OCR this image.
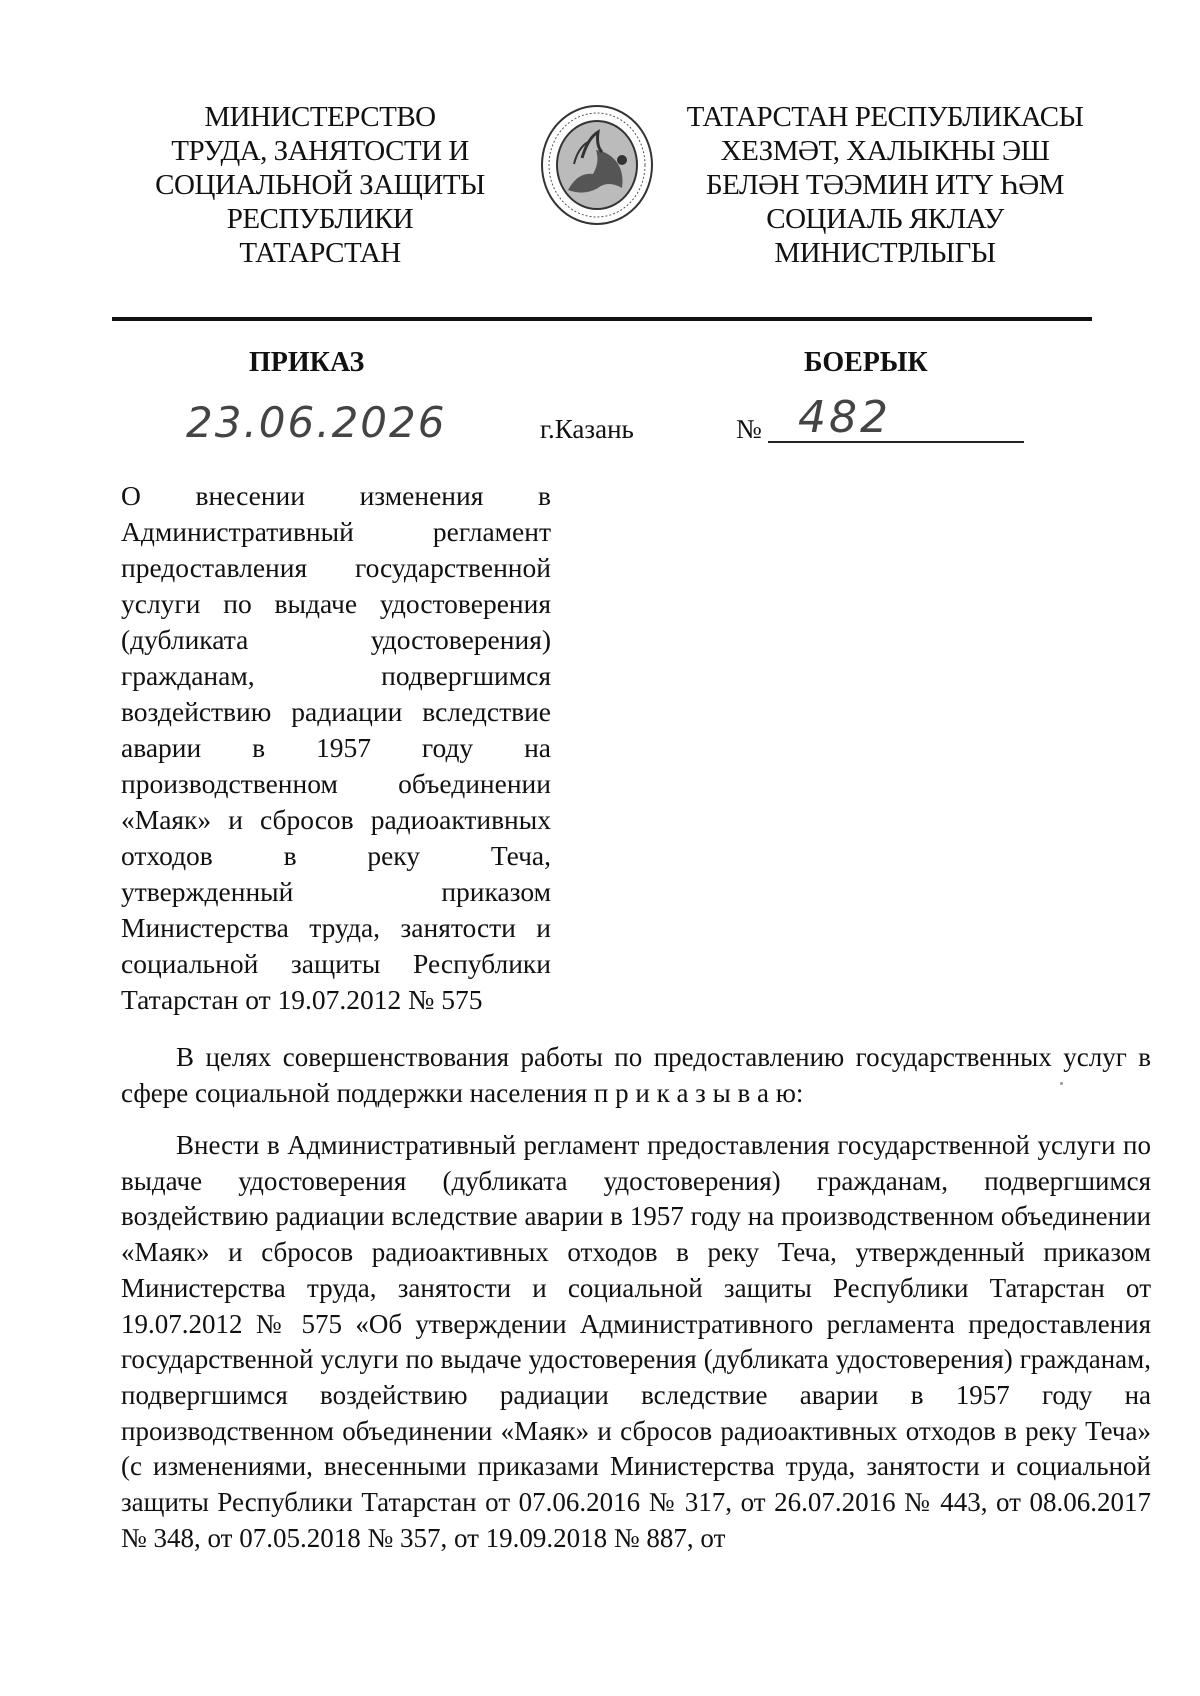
МИНИСТЕРСТВО
ТРУДА, ЗАНЯТОСТИ И
СОЦИАЛЬНОЙ ЗАЩИТЫ
РЕСПУБЛИКИ
ТАТАРСТАН
ТАТАРСТАН РЕСПУБЛИКАСЫ
ХЕЗМӘТ, ХАЛЫКНЫ ЭШ
БЕЛӘН ТӘЭМИН ИТҮ ҺӘМ
СОЦИАЛЬ ЯКЛАУ
МИНИСТРЛЫГЫ
ПРИКАЗ	БОЕРЫК
23.06.2026	г.Казань	№ 482
О внесении изменения в
Административный регламент
предоставления государственной
услуги по выдаче удостоверения
(дубликата удостоверения)
гражданам, подвергшимся
воздействию радиации вследствие
аварии в 1957 году на
производственном объединении
«Маяк» и сбросов радиоактивных
отходов в реку Теча,
утвержденный приказом
Министерства труда, занятости и
социальной защиты Республики
Татарстан от 19.07.2012 № 575

В целях совершенствования работы по предоставлению государственных услуг в сфере социальной поддержки населения п р и к а з ы в а ю:

Внести в Административный регламент предоставления государственной услуги по выдаче удостоверения (дубликата удостоверения) гражданам, подвергшимся воздействию радиации вследствие аварии в 1957 году на производственном объединении «Маяк» и сбросов радиоактивных отходов в реку Теча, утвержденный приказом Министерства труда, занятости и социальной защиты Республики Татарстан от 19.07.2012 № 575 «Об утверждении Административного регламента предоставления государственной услуги по выдаче удостоверения (дубликата удостоверения) гражданам, подвергшимся воздействию радиации вследствие аварии в 1957 году на производственном объединении «Маяк» и сбросов радиоактивных отходов в реку Теча» (с изменениями, внесенными приказами Министерства труда, занятости и социальной защиты Республики Татарстан от 07.06.2016 № 317, от 26.07.2016 № 443, от 08.06.2017 № 348, от 07.05.2018 № 357, от 19.09.2018 № 887, от
